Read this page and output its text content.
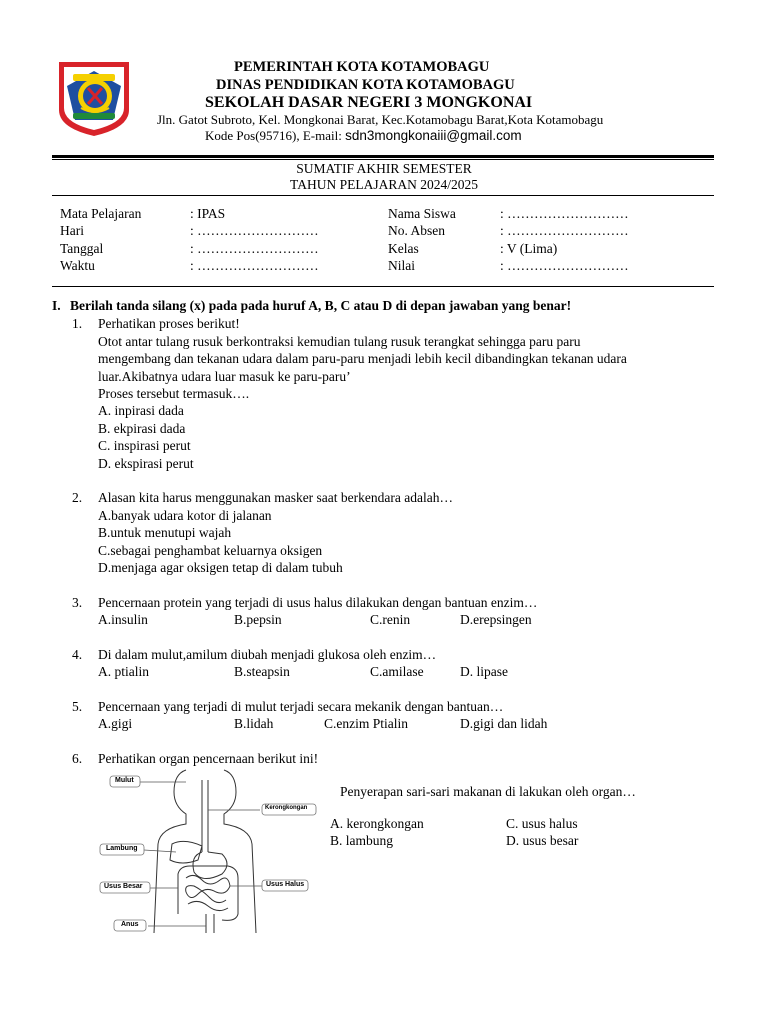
PEMERINTAH KOTA KOTAMOBAGU
DINAS PENDIDIKAN KOTA KOTAMOBAGU
SEKOLAH DASAR NEGERI 3 MONGKONAI
Jln. Gatot Subroto, Kel. Mongkonai Barat, Kec.Kotamobagu Barat,Kota Kotamobagu
Kode Pos(95716), E-mail: sdn3mongkonaiii@gmail.com
SUMATIF AKHIR SEMESTER
TAHUN PELAJARAN 2024/2025
Mata Pelajaran	: IPAS
Hari	: ………………………
Tanggal	: ………………………
Waktu	: ………………………
Nama Siswa	: ………………………
No. Absen	: ………………………
Kelas	: V (Lima)
Nilai	: ………………………
I. Berilah tanda silang (x) pada pada huruf A, B, C atau D di depan jawaban yang benar!
1. Perhatikan proses berikut!
Otot antar tulang rusuk berkontraksi kemudian tulang rusuk terangkat sehingga paru paru
mengembang dan tekanan udara dalam paru-paru menjadi lebih kecil dibandingkan tekanan udara
luar.Akibatnya udara luar masuk ke paru-paru’
Proses tersebut termasuk….
A. inpirasi dada
B. ekpirasi dada
C. inspirasi perut
D. ekspirasi perut
2. Alasan kita harus menggunakan masker saat berkendara adalah…
A.banyak udara kotor di jalanan
B.untuk menutupi wajah
C.sebagai penghambat keluarnya oksigen
D.menjaga agar oksigen tetap di dalam tubuh
3. Pencernaan protein yang terjadi di usus halus dilakukan dengan bantuan enzim…
A.insulin	B.pepsin	C.renin	D.erepsingen
4. Di dalam mulut,amilum diubah menjadi glukosa oleh enzim…
A. ptialin	B.steapsin	C.amilase	D. lipase
5. Pencernaan yang terjadi di mulut terjadi secara mekanik dengan bantuan…
A.gigi	B.lidah	C.enzim Ptialin	D.gigi dan lidah
6. Perhatikan organ pencernaan berikut ini!
Mulut
Kerongkongan
Lambung
Usus Halus
Usus Besar
Anus
Penyerapan sari-sari makanan di lakukan oleh organ…
A. kerongkongan
B. lambung
C. usus halus
D. usus besar
